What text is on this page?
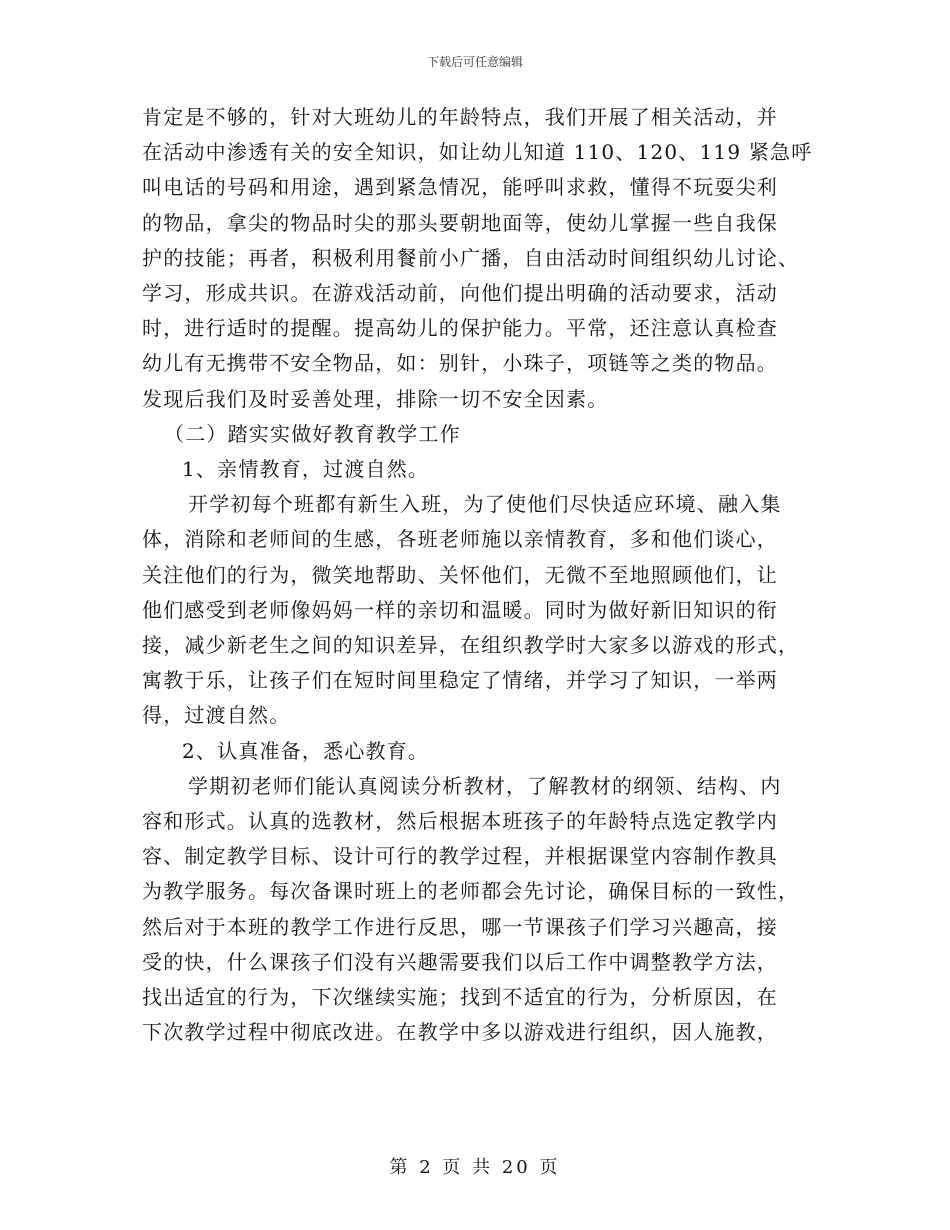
下载后可任意编辑

肯定是不够的，针对大班幼儿的年龄特点，我们开展了相关活动，并

在活动中渗透有关的安全知识，如让幼儿知道 110、120、119 紧急呼

叫电话的号码和用途，遇到紧急情况，能呼叫求救，懂得不玩耍尖利

的物品，拿尖的物品时尖的那头要朝地面等，使幼儿掌握一些自我保

护的技能；再者，积极利用餐前小广播，自由活动时间组织幼儿讨论、

学习，形成共识。在游戏活动前，向他们提出明确的活动要求，活动

时，进行适时的提醒。提高幼儿的保护能力。平常，还注意认真检查

幼儿有无携带不安全物品，如：别针，小珠子，项链等之类的物品。

发现后我们及时妥善处理，排除一切不安全因素。

（二）踏实实做好教育教学工作

1、亲情教育，过渡自然。

开学初每个班都有新生入班，为了使他们尽快适应环境、融入集

体，消除和老师间的生感，各班老师施以亲情教育，多和他们谈心，

关注他们的行为，微笑地帮助、关怀他们，无微不至地照顾他们，让

他们感受到老师像妈妈一样的亲切和温暖。同时为做好新旧知识的衔

接，减少新老生之间的知识差异，在组织教学时大家多以游戏的形式，

寓教于乐，让孩子们在短时间里稳定了情绪，并学习了知识，一举两

得，过渡自然。

2、认真准备，悉心教育。

学期初老师们能认真阅读分析教材，了解教材的纲领、结构、内

容和形式。认真的选教材，然后根据本班孩子的年龄特点选定教学内

容、制定教学目标、设计可行的教学过程，并根据课堂内容制作教具

为教学服务。每次备课时班上的老师都会先讨论，确保目标的一致性，

然后对于本班的教学工作进行反思，哪一节课孩子们学习兴趣高，接

受的快，什么课孩子们没有兴趣需要我们以后工作中调整教学方法，

找出适宜的行为，下次继续实施；找到不适宜的行为，分析原因，在

下次教学过程中彻底改进。在教学中多以游戏进行组织，因人施教，

第 2 页 共 20 页
